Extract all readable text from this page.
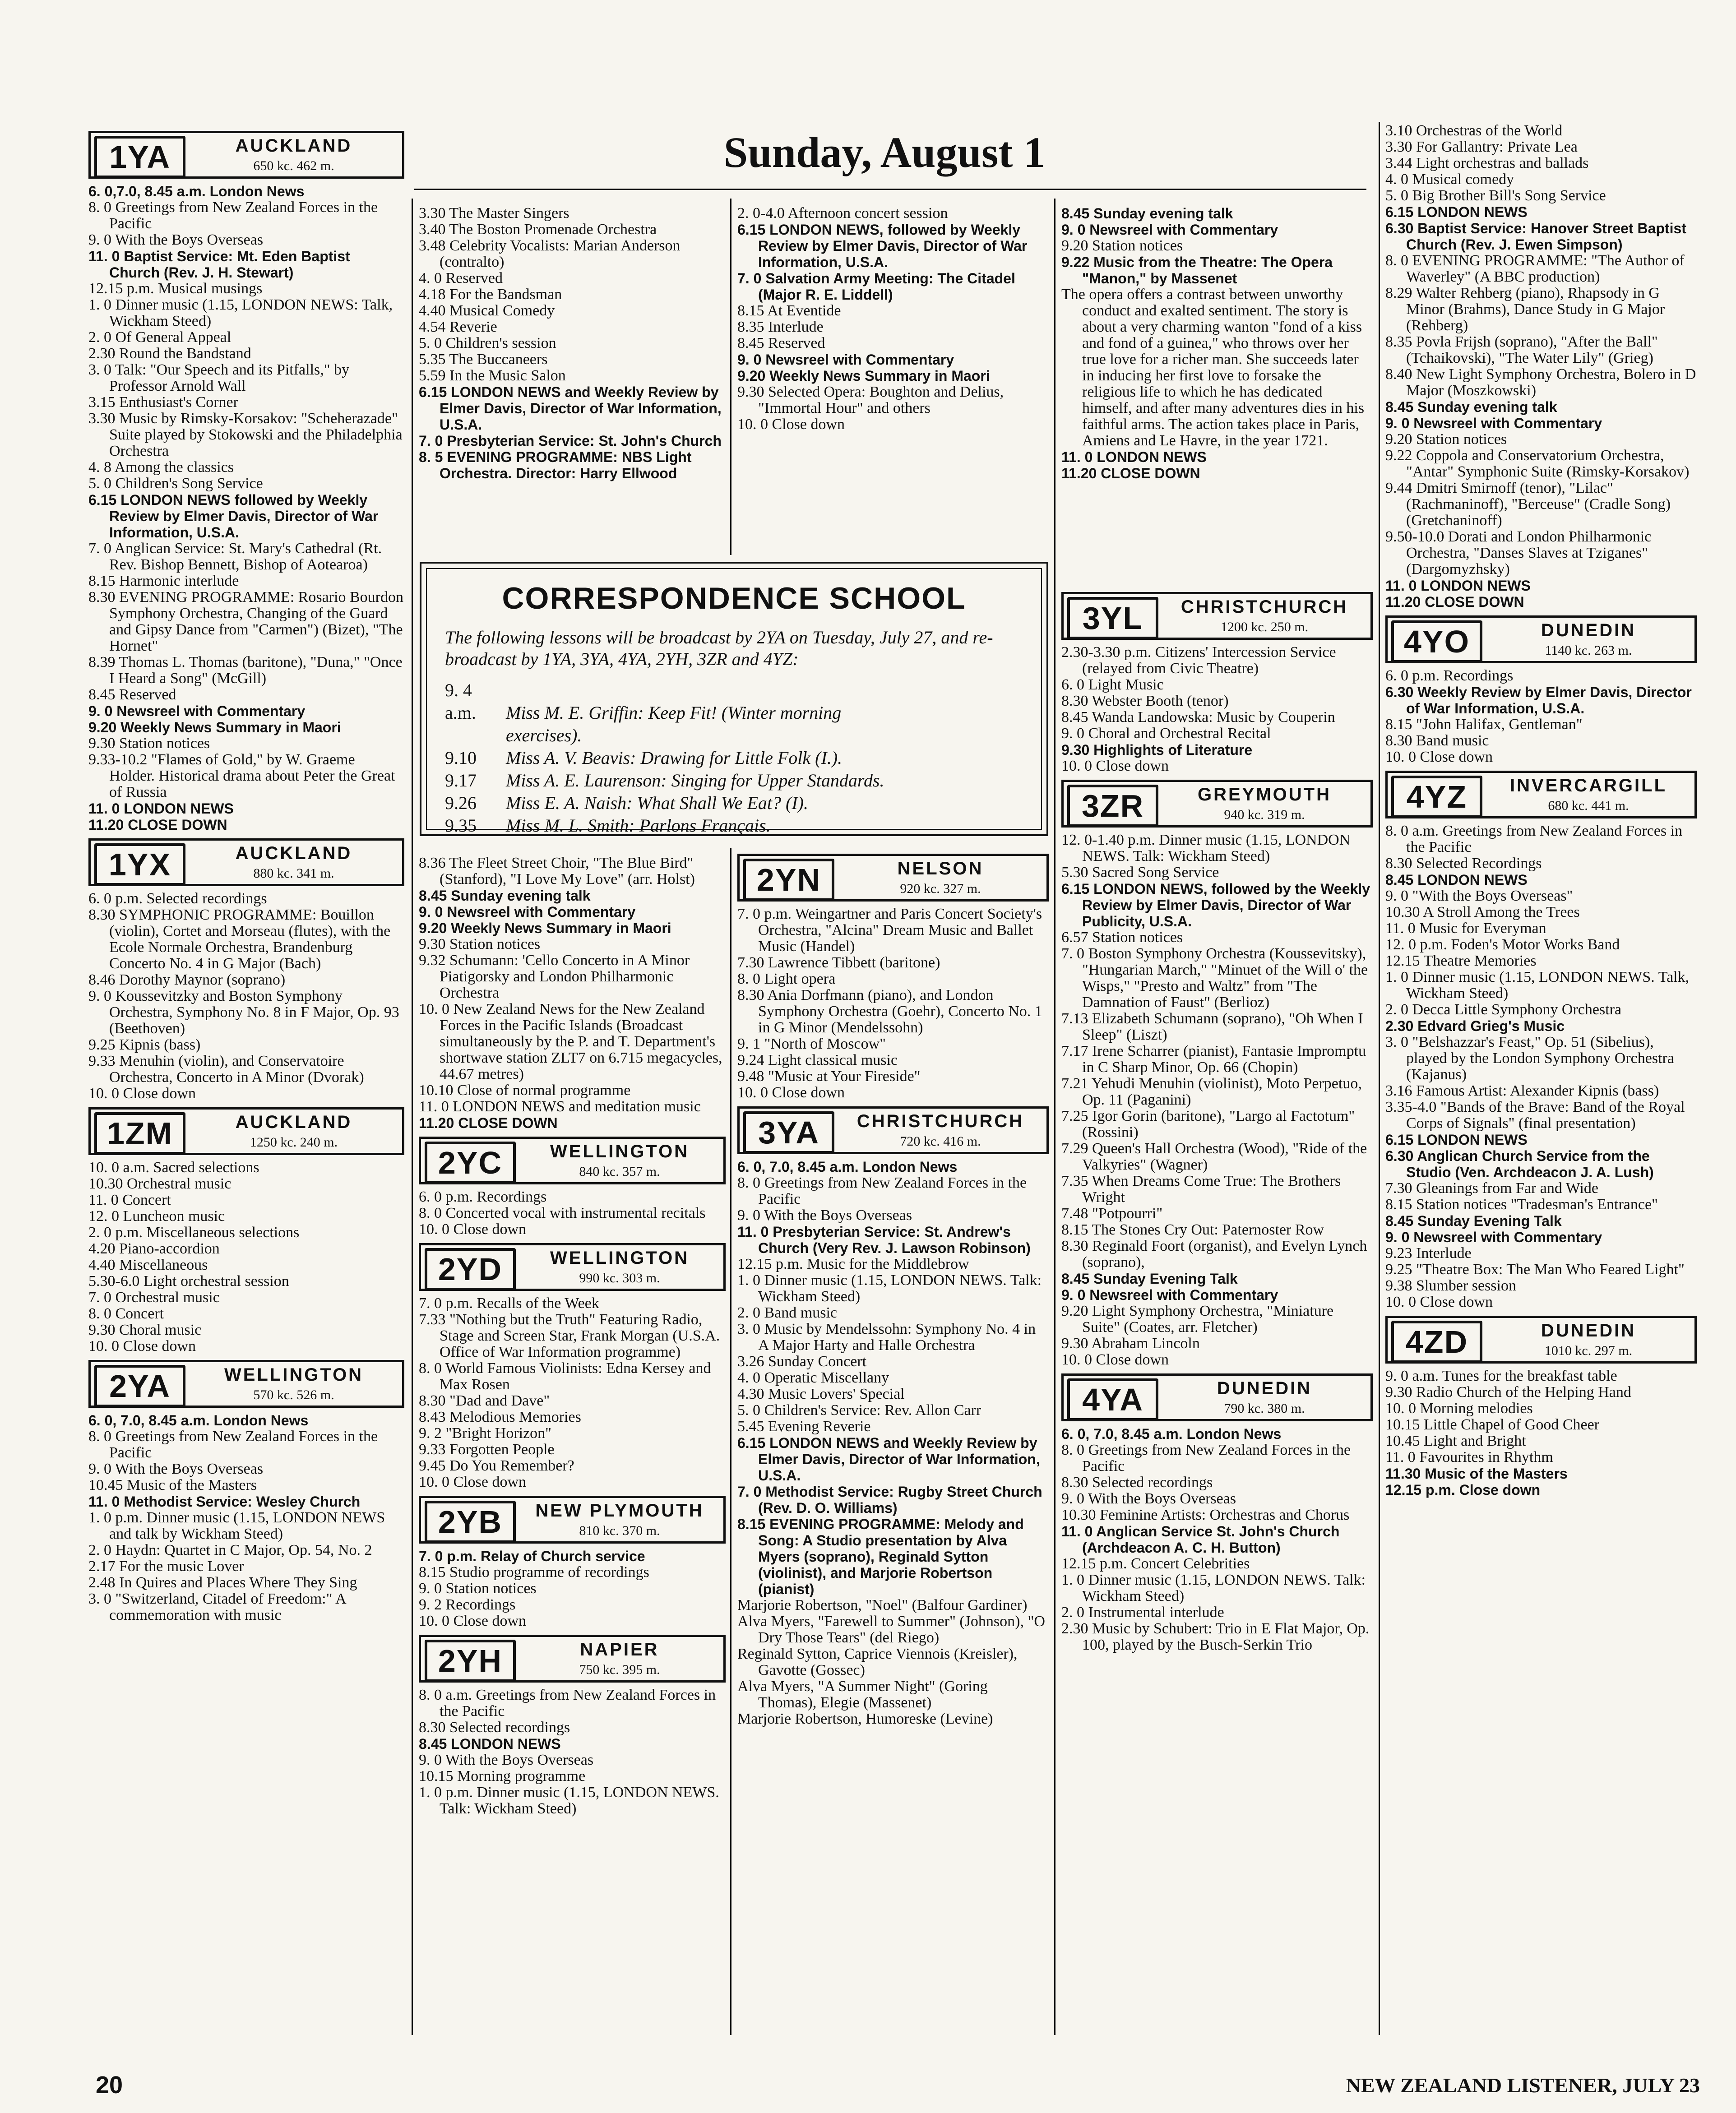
Sunday, August 1
1YA	AUCKLAND
650 kc. 462 m.

6. 0,7.0, 8.45 a.m. London News

8. 0 Greetings from New Zealand Forces in the Pacific

9. 0 With the Boys Overseas

11. 0 Baptist Service: Mt. Eden Baptist Church (Rev. J. H. Stewart)

12.15 p.m. Musical musings

1. 0 Dinner music (1.15, LONDON NEWS: Talk, Wickham Steed)

2. 0 Of General Appeal

2.30 Round the Bandstand

3. 0 Talk: "Our Speech and its Pitfalls," by Professor Arnold Wall

3.15 Enthusiast's Corner

3.30 Music by Rimsky-Korsakov: "Scheherazade" Suite played by Stokowski and the Philadelphia Orchestra

4. 8 Among the classics

5. 0 Children's Song Service

6.15 LONDON NEWS followed by Weekly Review by Elmer Davis, Director of War Information, U.S.A.

7. 0 Anglican Service: St. Mary's Cathedral (Rt. Rev. Bishop Bennett, Bishop of Aotearoa)

8.15 Harmonic interlude

8.30 EVENING PROGRAMME: Rosario Bourdon Symphony Orchestra, Changing of the Guard and Gipsy Dance from "Carmen") (Bizet), "The Hornet"

8.39 Thomas L. Thomas (baritone), "Duna," "Once I Heard a Song" (McGill)

8.45 Reserved

9. 0 Newsreel with Commentary

9.20 Weekly News Summary in Maori

9.30 Station notices

9.33-10.2 "Flames of Gold," by W. Graeme Holder. Historical drama about Peter the Great of Russia

11. 0 LONDON NEWS

11.20 CLOSE DOWN

1YX	AUCKLAND
880 kc. 341 m.

6. 0 p.m. Selected recordings

8.30 SYMPHONIC PROGRAMME: Bouillon (violin), Cortet and Morseau (flutes), with the Ecole Normale Orchestra, Brandenburg Concerto No. 4 in G Major (Bach)

8.46 Dorothy Maynor (soprano)

9. 0 Koussevitzky and Boston Symphony Orchestra, Symphony No. 8 in F Major, Op. 93 (Beethoven)

9.25 Kipnis (bass)

9.33 Menuhin (violin), and Conservatoire Orchestra, Concerto in A Minor (Dvorak)

10. 0 Close down

1ZM	AUCKLAND
1250 kc. 240 m.

10. 0 a.m. Sacred selections

10.30 Orchestral music

11. 0 Concert

12. 0 Luncheon music

2. 0 p.m. Miscellaneous selections

4.20 Piano-accordion

4.40 Miscellaneous

5.30-6.0 Light orchestral session

7. 0 Orchestral music

8. 0 Concert

9.30 Choral music

10. 0 Close down

2YA	WELLINGTON
570 kc. 526 m.

6. 0, 7.0, 8.45 a.m. London News

8. 0 Greetings from New Zealand Forces in the Pacific

9. 0 With the Boys Overseas

10.45 Music of the Masters

11. 0 Methodist Service: Wesley Church

1. 0 p.m. Dinner music (1.15, LONDON NEWS and talk by Wickham Steed)

2. 0 Haydn: Quartet in C Major, Op. 54, No. 2

2.17 For the music Lover

2.48 In Quires and Places Where They Sing

3. 0 "Switzerland, Citadel of Freedom:" A commemoration with music

3.30 The Master Singers

3.40 The Boston Promenade Orchestra

3.48 Celebrity Vocalists: Marian Anderson (contralto)

4. 0 Reserved

4.18 For the Bandsman

4.40 Musical Comedy

4.54 Reverie

5. 0 Children's session

5.35 The Buccaneers

5.59 In the Music Salon

6.15 LONDON NEWS and Weekly Review by Elmer Davis, Director of War Information, U.S.A.

7. 0 Presbyterian Service: St. John's Church

8. 5 EVENING PROGRAMME: NBS Light Orchestra. Director: Harry Ellwood

2. 0-4.0 Afternoon concert session

6.15 LONDON NEWS, followed by Weekly Review by Elmer Davis, Director of War Information, U.S.A.

7. 0 Salvation Army Meeting: The Citadel (Major R. E. Liddell)

8.15 At Eventide

8.35 Interlude

8.45 Reserved

9. 0 Newsreel with Commentary

9.20 Weekly News Summary in Maori

9.30 Selected Opera: Boughton and Delius, "Immortal Hour" and others

10. 0 Close down

8.45 Sunday evening talk

9. 0 Newsreel with Commentary

9.20 Station notices

9.22 Music from the Theatre: The Opera "Manon," by Massenet

The opera offers a contrast between unworthy conduct and exalted sentiment. The story is about a very charming wanton "fond of a kiss and fond of a guinea," who throws over her true love for a richer man. She succeeds later in inducing her first love to forsake the religious life to which he has dedicated himself, and after many adventures dies in his faithful arms. The action takes place in Paris, Amiens and Le Havre, in the year 1721.

11. 0 LONDON NEWS

11.20 CLOSE DOWN

CORRESPONDENCE SCHOOL

The following lessons will be broadcast by 2YA on Tuesday, July 27, and re-broadcast by 1YA, 3YA, 4YA, 2YH, 3ZR and 4YZ:

9. 4 a.m. Miss M. E. Griffin: Keep Fit! (Winter morning

exercises).

9.10 Miss A. V. Beavis: Drawing for Little Folk (I.).

9.17 Miss A. E. Laurenson: Singing for Upper Standards.

9.26 Miss E. A. Naish: What Shall We Eat? (I).

9.35 Miss M. L. Smith: Parlons Français.

8.36 The Fleet Street Choir, "The Blue Bird" (Stanford), "I Love My Love" (arr. Holst)

8.45 Sunday evening talk

9. 0 Newsreel with Commentary

9.20 Weekly News Summary in Maori

9.30 Station notices

9.32 Schumann: 'Cello Concerto in A Minor Piatigorsky and London Philharmonic Orchestra

10. 0 New Zealand News for the New Zealand Forces in the Pacific Islands (Broadcast simultaneously by the P. and T. Department's shortwave station ZLT7 on 6.715 megacycles, 44.67 metres)

10.10 Close of normal programme

11. 0 LONDON NEWS and meditation music

11.20 CLOSE DOWN

2YC	WELLINGTON
840 kc. 357 m.

6. 0 p.m. Recordings

8. 0 Concerted vocal with instrumental recitals

10. 0 Close down

2YD	WELLINGTON
990 kc. 303 m.

7. 0 p.m. Recalls of the Week

7.33 "Nothing but the Truth" Featuring Radio, Stage and Screen Star, Frank Morgan (U.S.A. Office of War Information programme)

8. 0 World Famous Violinists: Edna Kersey and Max Rosen

8.30 "Dad and Dave"

8.43 Melodious Memories

9. 2 "Bright Horizon"

9.33 Forgotten People

9.45 Do You Remember?

10. 0 Close down

2YB	NEW PLYMOUTH
810 kc. 370 m.

7. 0 p.m. Relay of Church service

8.15 Studio programme of recordings

9. 0 Station notices

9. 2 Recordings

10. 0 Close down

2YH	NAPIER
750 kc. 395 m.

8. 0 a.m. Greetings from New Zealand Forces in the Pacific

8.30 Selected recordings

8.45 LONDON NEWS

9. 0 With the Boys Overseas

10.15 Morning programme

1. 0 p.m. Dinner music (1.15, LONDON NEWS. Talk: Wickham Steed)

2YN	NELSON
920 kc. 327 m.

7. 0 p.m. Weingartner and Paris Concert Society's Orchestra, "Alcina" Dream Music and Ballet Music (Handel)

7.30 Lawrence Tibbett (baritone)

8. 0 Light opera

8.30 Ania Dorfmann (piano), and London Symphony Orchestra (Goehr), Concerto No. 1 in G Minor (Mendelssohn)

9. 1 "North of Moscow"

9.24 Light classical music

9.48 "Music at Your Fireside"

10. 0 Close down

3YA	CHRISTCHURCH
720 kc. 416 m.

6. 0, 7.0, 8.45 a.m. London News

8. 0 Greetings from New Zealand Forces in the Pacific

9. 0 With the Boys Overseas

11. 0 Presbyterian Service: St. Andrew's Church (Very Rev. J. Lawson Robinson)

12.15 p.m. Music for the Middlebrow

1. 0 Dinner music (1.15, LONDON NEWS. Talk: Wickham Steed)

2. 0 Band music

3. 0 Music by Mendelssohn: Symphony No. 4 in A Major Harty and Halle Orchestra

3.26 Sunday Concert

4. 0 Operatic Miscellany

4.30 Music Lovers' Special

5. 0 Children's Service: Rev. Allon Carr

5.45 Evening Reverie

6.15 LONDON NEWS and Weekly Review by Elmer Davis, Director of War Information, U.S.A.

7. 0 Methodist Service: Rugby Street Church (Rev. D. O. Williams)

8.15 EVENING PROGRAMME: Melody and Song: A Studio presentation by Alva Myers (soprano), Reginald Sytton (violinist), and Marjorie Robertson (pianist)

Marjorie Robertson, "Noel" (Balfour Gardiner)

Alva Myers, "Farewell to Summer" (Johnson), "O Dry Those Tears" (del Riego)

Reginald Sytton, Caprice Viennois (Kreisler), Gavotte (Gossec)

Alva Myers, "A Summer Night" (Goring Thomas), Elegie (Massenet)

Marjorie Robertson, Humoreske (Levine)

3YL	CHRISTCHURCH
1200 kc. 250 m.

2.30-3.30 p.m. Citizens' Intercession Service (relayed from Civic Theatre)

6. 0 Light Music

8.30 Webster Booth (tenor)

8.45 Wanda Landowska: Music by Couperin

9. 0 Choral and Orchestral Recital

9.30 Highlights of Literature

10. 0 Close down

3ZR	GREYMOUTH
940 kc. 319 m.

12. 0-1.40 p.m. Dinner music (1.15, LONDON NEWS. Talk: Wickham Steed)

5.30 Sacred Song Service

6.15 LONDON NEWS, followed by the Weekly Review by Elmer Davis, Director of War Publicity, U.S.A.

6.57 Station notices

7. 0 Boston Symphony Orchestra (Koussevitsky), "Hungarian March," "Minuet of the Will o' the Wisps," "Presto and Waltz" from "The Damnation of Faust" (Berlioz)

7.13 Elizabeth Schumann (soprano), "Oh When I Sleep" (Liszt)

7.17 Irene Scharrer (pianist), Fantasie Impromptu in C Sharp Minor, Op. 66 (Chopin)

7.21 Yehudi Menuhin (violinist), Moto Perpetuo, Op. 11 (Paganini)

7.25 Igor Gorin (baritone), "Largo al Factotum" (Rossini)

7.29 Queen's Hall Orchestra (Wood), "Ride of the Valkyries" (Wagner)

7.35 When Dreams Come True: The Brothers Wright

7.48 "Potpourri"

8.15 The Stones Cry Out: Paternoster Row

8.30 Reginald Foort (organist), and Evelyn Lynch (soprano),

8.45 Sunday Evening Talk

9. 0 Newsreel with Commentary

9.20 Light Symphony Orchestra, "Miniature Suite" (Coates, arr. Fletcher)

9.30 Abraham Lincoln

10. 0 Close down

4YA	DUNEDIN
790 kc. 380 m.

6. 0, 7.0, 8.45 a.m. London News

8. 0 Greetings from New Zealand Forces in the Pacific

8.30 Selected recordings

9. 0 With the Boys Overseas

10.30 Feminine Artists: Orchestras and Chorus

11. 0 Anglican Service St. John's Church (Archdeacon A. C. H. Button)

12.15 p.m. Concert Celebrities

1. 0 Dinner music (1.15, LONDON NEWS. Talk: Wickham Steed)

2. 0 Instrumental interlude

2.30 Music by Schubert: Trio in E Flat Major, Op. 100, played by the Busch-Serkin Trio

3.10 Orchestras of the World

3.30 For Gallantry: Private Lea

3.44 Light orchestras and ballads

4. 0 Musical comedy

5. 0 Big Brother Bill's Song Service

6.15 LONDON NEWS

6.30 Baptist Service: Hanover Street Baptist Church (Rev. J. Ewen Simpson)

8. 0 EVENING PROGRAMME: "The Author of Waverley" (A BBC production)

8.29 Walter Rehberg (piano), Rhapsody in G Minor (Brahms), Dance Study in G Major (Rehberg)

8.35 Povla Frijsh (soprano), "After the Ball" (Tchaikovski), "The Water Lily" (Grieg)

8.40 New Light Symphony Orchestra, Bolero in D Major (Moszkowski)

8.45 Sunday evening talk

9. 0 Newsreel with Commentary

9.20 Station notices

9.22 Coppola and Conservatorium Orchestra, "Antar" Symphonic Suite (Rimsky-Korsakov)

9.44 Dmitri Smirnoff (tenor), "Lilac" (Rachmaninoff), "Berceuse" (Cradle Song) (Gretchaninoff)

9.50-10.0 Dorati and London Philharmonic Orchestra, "Danses Slaves at Tziganes" (Dargomyzhsky)

11. 0 LONDON NEWS

11.20 CLOSE DOWN

4YO	DUNEDIN
1140 kc. 263 m.

6. 0 p.m. Recordings

6.30 Weekly Review by Elmer Davis, Director of War Information, U.S.A.

8.15 "John Halifax, Gentleman"

8.30 Band music

10. 0 Close down

4YZ	INVERCARGILL
680 kc. 441 m.

8. 0 a.m. Greetings from New Zealand Forces in the Pacific

8.30 Selected Recordings

8.45 LONDON NEWS

9. 0 "With the Boys Overseas"

10.30 A Stroll Among the Trees

11. 0 Music for Everyman

12. 0 p.m. Foden's Motor Works Band

12.15 Theatre Memories

1. 0 Dinner music (1.15, LONDON NEWS. Talk, Wickham Steed)

2. 0 Decca Little Symphony Orchestra

2.30 Edvard Grieg's Music

3. 0 "Belshazzar's Feast," Op. 51 (Sibelius), played by the London Symphony Orchestra (Kajanus)

3.16 Famous Artist: Alexander Kipnis (bass)

3.35-4.0 "Bands of the Brave: Band of the Royal Corps of Signals" (final presentation)

6.15 LONDON NEWS

6.30 Anglican Church Service from the Studio (Ven. Archdeacon J. A. Lush)

7.30 Gleanings from Far and Wide

8.15 Station notices "Tradesman's Entrance"

8.45 Sunday Evening Talk

9. 0 Newsreel with Commentary

9.23 Interlude

9.25 "Theatre Box: The Man Who Feared Light"

9.38 Slumber session

10. 0 Close down

4ZD	DUNEDIN
1010 kc. 297 m.

9. 0 a.m. Tunes for the breakfast table

9.30 Radio Church of the Helping Hand

10. 0 Morning melodies

10.15 Little Chapel of Good Cheer

10.45 Light and Bright

11. 0 Favourites in Rhythm

11.30 Music of the Masters

12.15 p.m. Close down

20	NEW ZEALAND LISTENER, JULY 23
